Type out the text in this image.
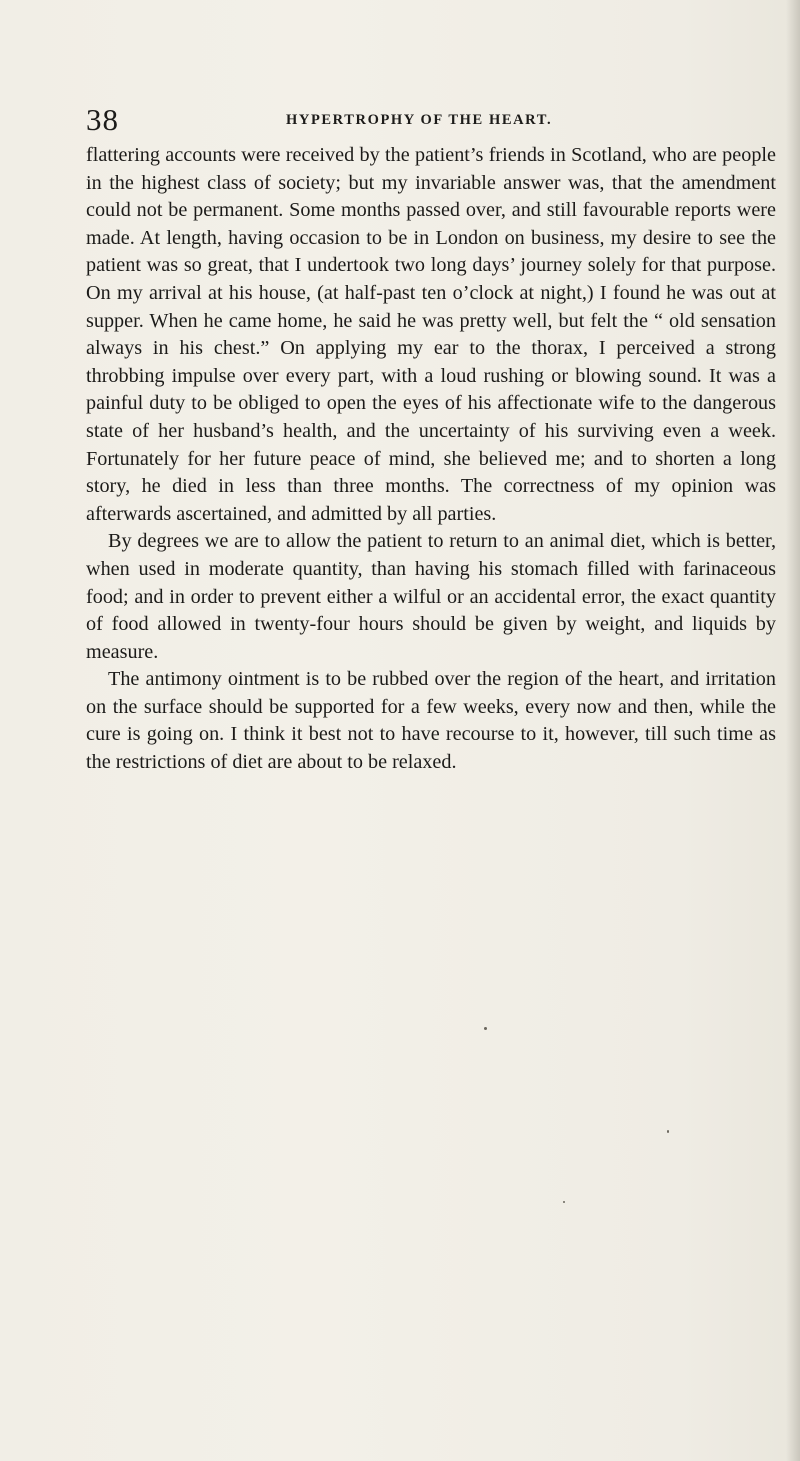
38	HYPERTROPHY OF THE HEART.

flattering accounts were received by the patient’s friends in Scotland, who are people in the highest class of society; but my invariable answer was, that the amendment could not be permanent. Some months passed over, and still favourable reports were made. At length, having occasion to be in London on business, my desire to see the patient was so great, that I undertook two long days’ journey solely for that purpose. On my arrival at his house, (at half-past ten o’clock at night,) I found he was out at supper. When he came home, he said he was pretty well, but felt the “ old sensation always in his chest.” On applying my ear to the thorax, I perceived a strong throbbing impulse over every part, with a loud rushing or blowing sound. It was a painful duty to be obliged to open the eyes of his affectionate wife to the dangerous state of her husband’s health, and the uncertainty of his surviving even a week. Fortunately for her future peace of mind, she believed me; and to shorten a long story, he died in less than three months. The correctness of my opinion was afterwards ascertained, and admitted by all parties.

By degrees we are to allow the patient to return to an animal diet, which is better, when used in moderate quantity, than having his stomach filled with farinaceous food; and in order to prevent either a wilful or an accidental error, the exact quantity of food allowed in twenty-four hours should be given by weight, and liquids by measure.

The antimony ointment is to be rubbed over the region of the heart, and irritation on the surface should be supported for a few weeks, every now and then, while the cure is going on. I think it best not to have recourse to it, however, till such time as the restrictions of diet are about to be relaxed.
